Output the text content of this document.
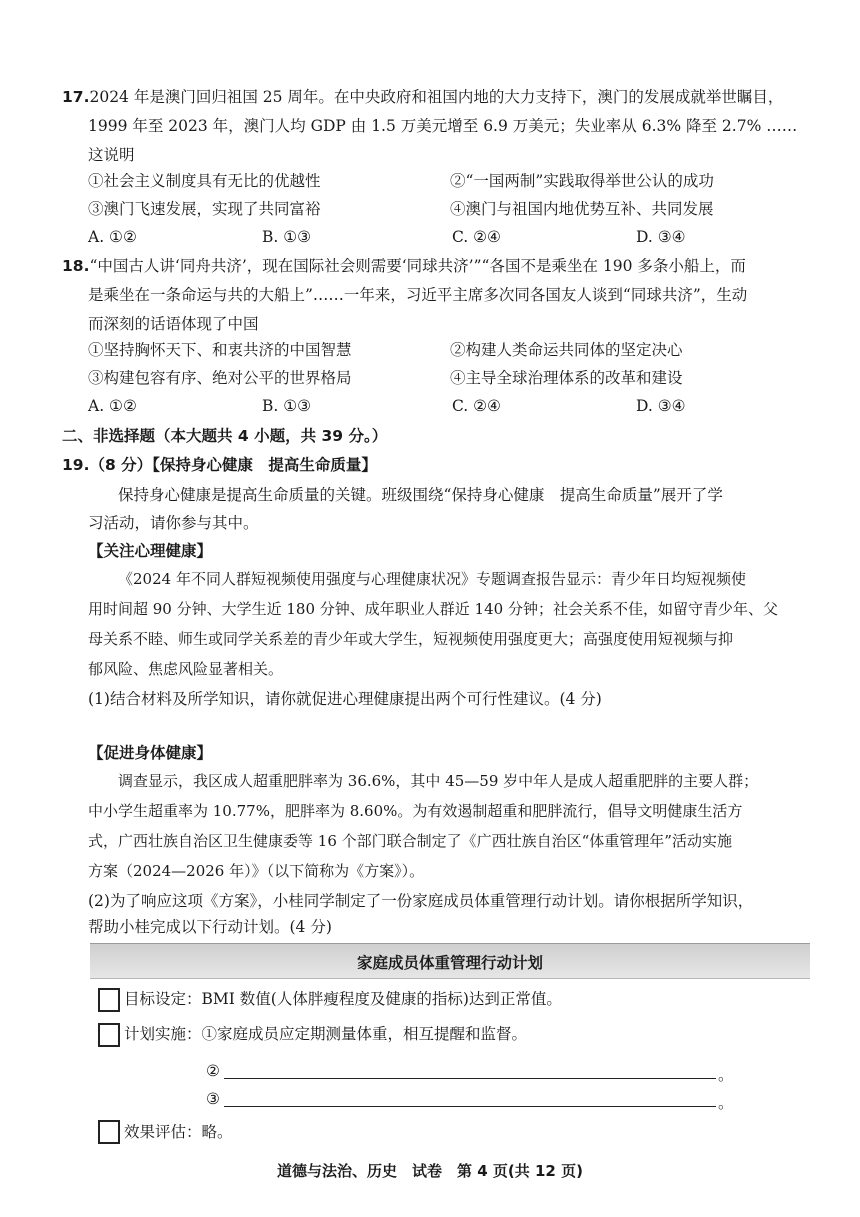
17.2024 年是澳门回归祖国 25 周年。在中央政府和祖国内地的大力支持下，澳门的发展成就举世瞩目，
1999 年至 2023 年，澳门人均 GDP 由 1.5 万美元增至 6.9 万美元；失业率从 6.3% 降至 2.7% ……
这说明
①社会主义制度具有无比的优越性	②“一国两制”实践取得举世公认的成功
③澳门飞速发展，实现了共同富裕	④澳门与祖国内地优势互补、共同发展
A. ①②	B. ①③	C. ②④	D. ③④
18.“中国古人讲‘同舟共济’，现在国际社会则需要‘同球共济’”“各国不是乘坐在 190 多条小船上，而
是乘坐在一条命运与共的大船上”……一年来，习近平主席多次同各国友人谈到“同球共济”，生动
而深刻的话语体现了中国
①坚持胸怀天下、和衷共济的中国智慧	②构建人类命运共同体的坚定决心
③构建包容有序、绝对公平的世界格局	④主导全球治理体系的改革和建设
A. ①②	B. ①③	C. ②④	D. ③④
二、非选择题（本大题共 4 小题，共 39 分。）
19.（8 分）【保持身心健康　提高生命质量】
保持身心健康是提高生命质量的关键。班级围绕“保持身心健康　提高生命质量”展开了学
习活动，请你参与其中。
【关注心理健康】
《2024 年不同人群短视频使用强度与心理健康状况》专题调查报告显示：青少年日均短视频使
用时间超 90 分钟、大学生近 180 分钟、成年职业人群近 140 分钟；社会关系不佳，如留守青少年、父
母关系不睦、师生或同学关系差的青少年或大学生，短视频使用强度更大；高强度使用短视频与抑
郁风险、焦虑风险显著相关。
(1)结合材料及所学知识，请你就促进心理健康提出两个可行性建议。(4 分)
【促进身体健康】
调查显示，我区成人超重肥胖率为 36.6%，其中 45—59 岁中年人是成人超重肥胖的主要人群；
中小学生超重率为 10.77%，肥胖率为 8.60%。为有效遏制超重和肥胖流行，倡导文明健康生活方
式，广西壮族自治区卫生健康委等 16 个部门联合制定了《广西壮族自治区“体重管理年”活动实施
方案（2024—2026 年）》（以下简称为《方案》）。
(2)为了响应这项《方案》，小桂同学制定了一份家庭成员体重管理行动计划。请你根据所学知识，
帮助小桂完成以下行动计划。(4 分)
家庭成员体重管理行动计划
目标设定：BMI 数值(人体胖瘦程度及健康的指标)达到正常值。
计划实施：①家庭成员应定期测量体重，相互提醒和监督。
②	。
③	。
效果评估：略。
道德与法治、历史　试卷　第 4 页(共 12 页)
